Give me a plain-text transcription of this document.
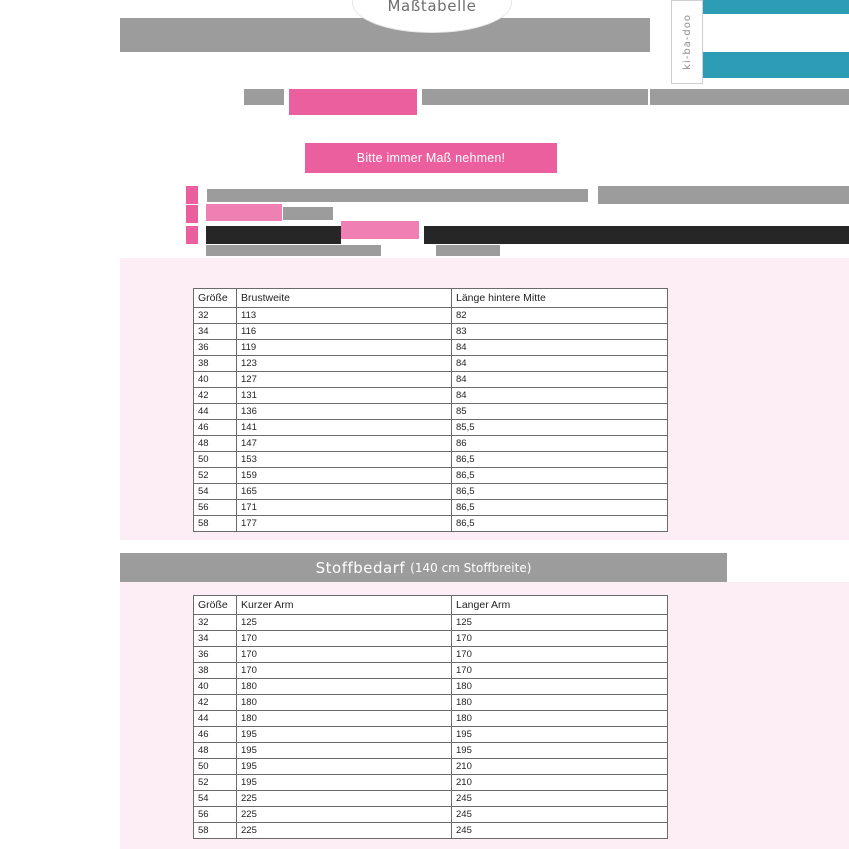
Maßtabelle
ki-ba-doo
Bitte immer Maß nehmen!
Größe	Brustweite	Länge hintere Mitte
32	113	82
34	116	83
36	119	84
38	123	84
40	127	84
42	131	84
44	136	85
46	141	85,5
48	147	86
50	153	86,5
52	159	86,5
54	165	86,5
56	171	86,5
58	177	86,5
Stoffbedarf (140 cm Stoffbreite)
Größe	Kurzer Arm	Langer Arm
32	125	125
34	170	170
36	170	170
38	170	170
40	180	180
42	180	180
44	180	180
46	195	195
48	195	195
50	195	210
52	195	210
54	225	245
56	225	245
58	225	245
